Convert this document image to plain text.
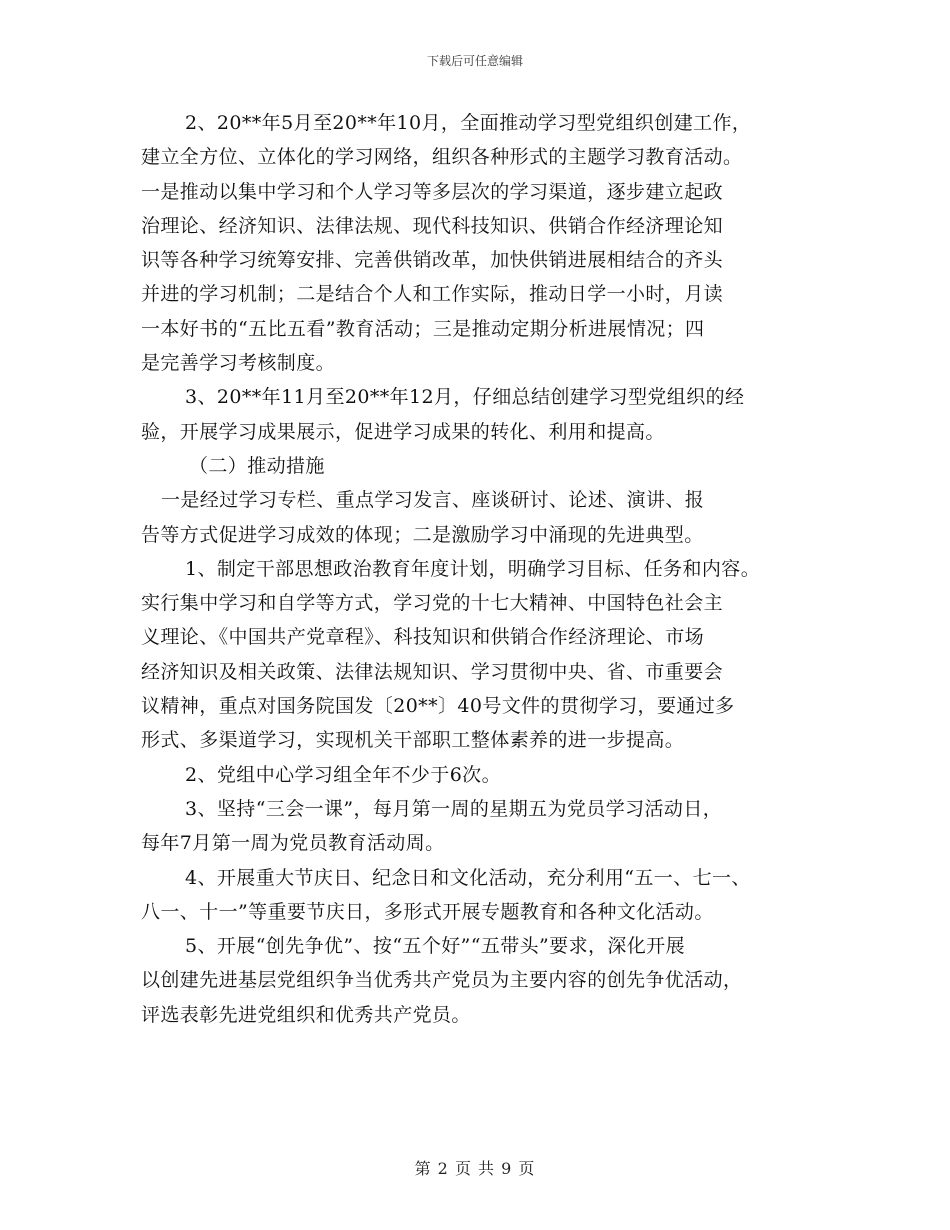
下载后可任意编辑
2、20**年5月至20**年10月，全面推动学习型党组织创建工作，
建立全方位、立体化的学习网络，组织各种形式的主题学习教育活动。
一是推动以集中学习和个人学习等多层次的学习渠道，逐步建立起政
治理论、经济知识、法律法规、现代科技知识、供销合作经济理论知
识等各种学习统筹安排、完善供销改革，加快供销进展相结合的齐头
并进的学习机制；二是结合个人和工作实际，推动日学一小时，月读
一本好书的“五比五看”教育活动；三是推动定期分析进展情况；四
是完善学习考核制度。
3、20**年11月至20**年12月，仔细总结创建学习型党组织的经
验，开展学习成果展示，促进学习成果的转化、利用和提高。
（二）推动措施
一是经过学习专栏、重点学习发言、座谈研讨、论述、演讲、报
告等方式促进学习成效的体现；二是激励学习中涌现的先进典型。
1、制定干部思想政治教育年度计划，明确学习目标、任务和内容。
实行集中学习和自学等方式，学习党的十七大精神、中国特色社会主
义理论、《中国共产党章程》、科技知识和供销合作经济理论、市场
经济知识及相关政策、法律法规知识、学习贯彻中央、省、市重要会
议精神，重点对国务院国发〔20**〕40号文件的贯彻学习，要通过多
形式、多渠道学习，实现机关干部职工整体素养的进一步提高。
2、党组中心学习组全年不少于6次。
3、坚持“三会一课”，每月第一周的星期五为党员学习活动日，
每年7月第一周为党员教育活动周。
4、开展重大节庆日、纪念日和文化活动，充分利用“五一、七一、
八一、十一”等重要节庆日，多形式开展专题教育和各种文化活动。
5、开展“创先争优”、按“五个好”“五带头”要求，深化开展
以创建先进基层党组织争当优秀共产党员为主要内容的创先争优活动，
评选表彰先进党组织和优秀共产党员。
第 2 页 共 9 页
